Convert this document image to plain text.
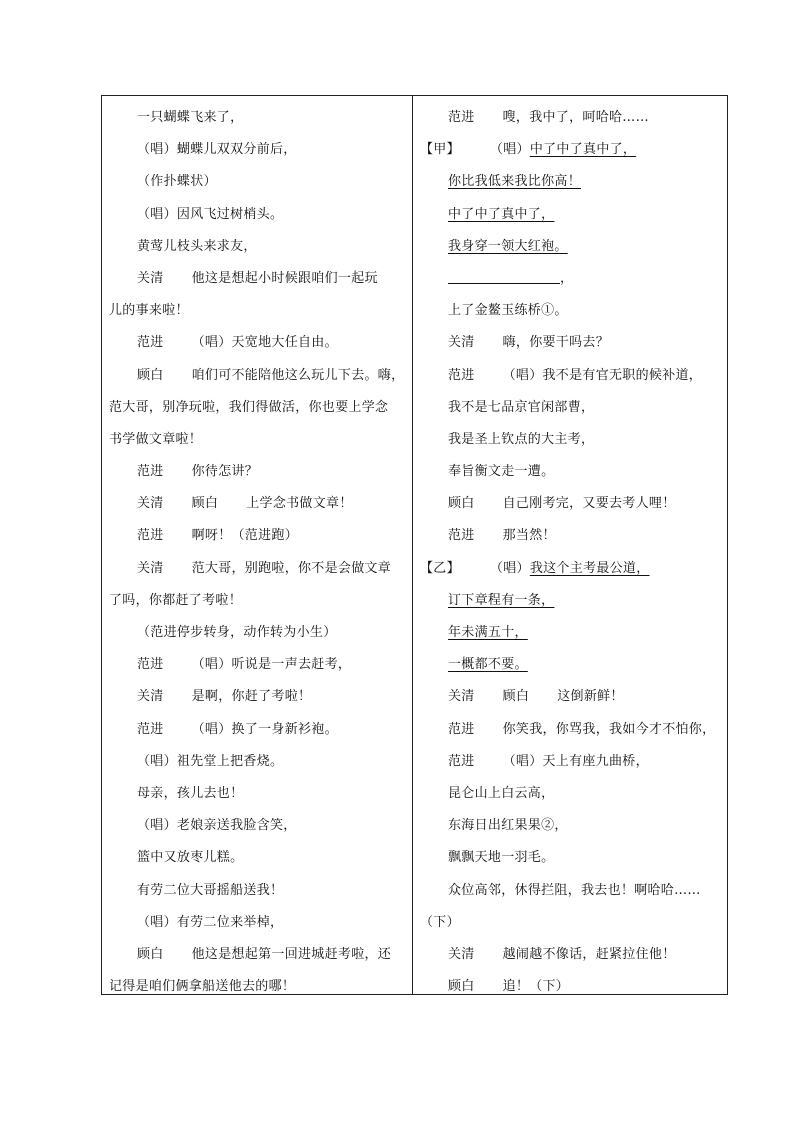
一只蝴蝶飞来了，
（唱）蝴蝶儿双双分前后，
（作扑蝶状）
（唱）因风飞过树梢头。
黄莺儿枝头来求友，
关清 他这是想起小时候跟咱们一起玩
儿的事来啦！
范进 （唱）天宽地大任自由。
顾白 咱们可不能陪他这么玩儿下去。嗨，
范大哥，别净玩啦，我们得做活，你也要上学念
书学做文章啦！
范进 你待怎讲？
关清 顾白 上学念书做文章！
范进 啊呀！（范进跑）
关清 范大哥，别跑啦，你不是会做文章
了吗，你都赶了考啦！
（范进停步转身，动作转为小生）
范进 （唱）听说是一声去赶考，
关清 是啊，你赶了考啦！
范进 （唱）换了一身新衫袍。
（唱）祖先堂上把香烧。
母亲，孩儿去也！
（唱）老娘亲送我脸含笑，
篮中又放枣儿糕。
有劳二位大哥摇船送我！
（唱）有劳二位来举棹，
顾白 他这是想起第一回进城赶考啦，还
记得是咱们俩拿船送他去的哪！
范进 嗖，我中了，呵哈哈……
【甲】 （唱）中了中了真中了，
你比我低来我比你高！
中了中了真中了，
我身穿一领大红袍。
，
上了金鳌玉练桥①。
关清 嗨，你要干吗去？
范进 （唱）我不是有官无职的候补道，
我不是七品京官闲部曹，
我是圣上钦点的大主考，
奉旨衡文走一遭。
顾白 自己刚考完，又要去考人哩！
范进 那当然！
【乙】 （唱）我这个主考最公道，
订下章程有一条，
年未满五十，
一概都不要。
关清 顾白 这倒新鲜！
范进 你笑我，你骂我，我如今才不怕你，
范进 （唱）天上有座九曲桥，
昆仑山上白云高，
东海日出红果果②，
飘飘天地一羽毛。
众位高邻，休得拦阻，我去也！啊哈哈……
（下）
关清 越闹越不像话，赶紧拉住他！
顾白 追！（下）
